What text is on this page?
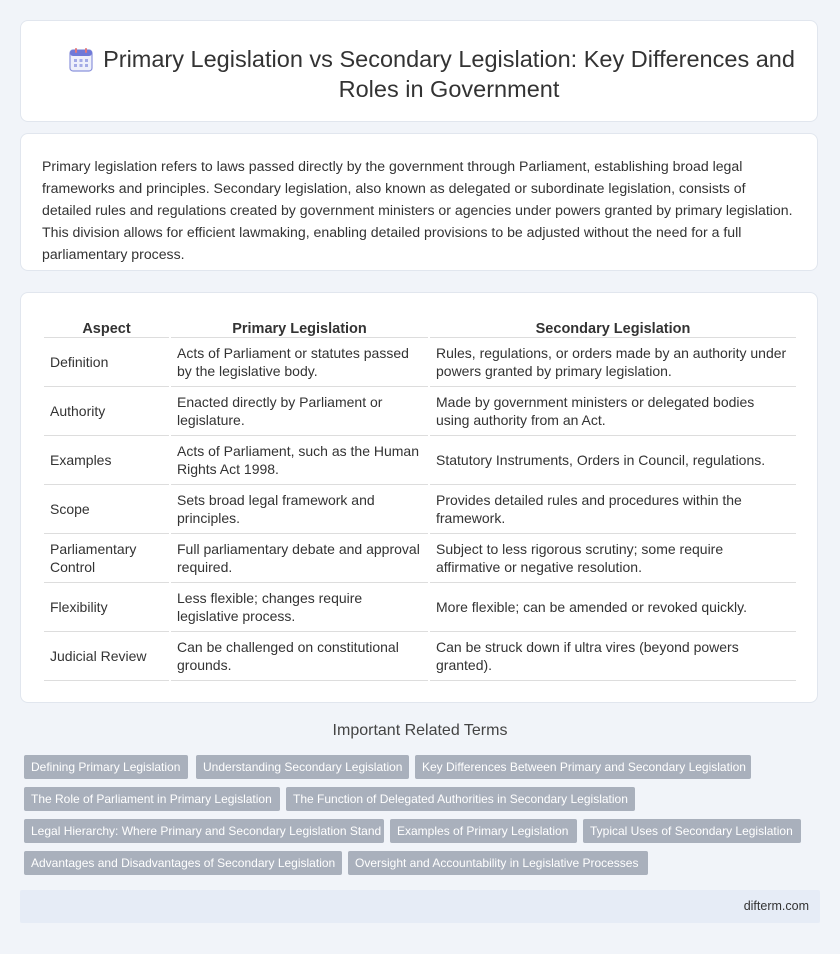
Primary Legislation vs Secondary Legislation: Key Differences and Roles in Government

Primary legislation refers to laws passed directly by the government through Parliament, establishing broad legal frameworks and principles. Secondary legislation, also known as delegated or subordinate legislation, consists of detailed rules and regulations created by government ministers or agencies under powers granted by primary legislation. This division allows for efficient lawmaking, enabling detailed provisions to be adjusted without the need for a full parliamentary process.

Aspect	Primary Legislation	Secondary Legislation
Definition	Acts of Parliament or statutes passed by the legislative body.	Rules, regulations, or orders made by an authority under powers granted by primary legislation.
Authority	Enacted directly by Parliament or legislature.	Made by government ministers or delegated bodies using authority from an Act.
Examples	Acts of Parliament, such as the Human Rights Act 1998.	Statutory Instruments, Orders in Council, regulations.
Scope	Sets broad legal framework and principles.	Provides detailed rules and procedures within the framework.
Parliamentary Control	Full parliamentary debate and approval required.	Subject to less rigorous scrutiny; some require affirmative or negative resolution.
Flexibility	Less flexible; changes require legislative process.	More flexible; can be amended or revoked quickly.
Judicial Review	Can be challenged on constitutional grounds.	Can be struck down if ultra vires (beyond powers granted).
Important Related Terms
Defining Primary Legislation	Understanding Secondary Legislation	Key Differences Between Primary and Secondary Legislation
The Role of Parliament in Primary Legislation	The Function of Delegated Authorities in Secondary Legislation
Legal Hierarchy: Where Primary and Secondary Legislation Stand	Examples of Primary Legislation	Typical Uses of Secondary Legislation
Advantages and Disadvantages of Secondary Legislation	Oversight and Accountability in Legislative Processes
difterm.com
